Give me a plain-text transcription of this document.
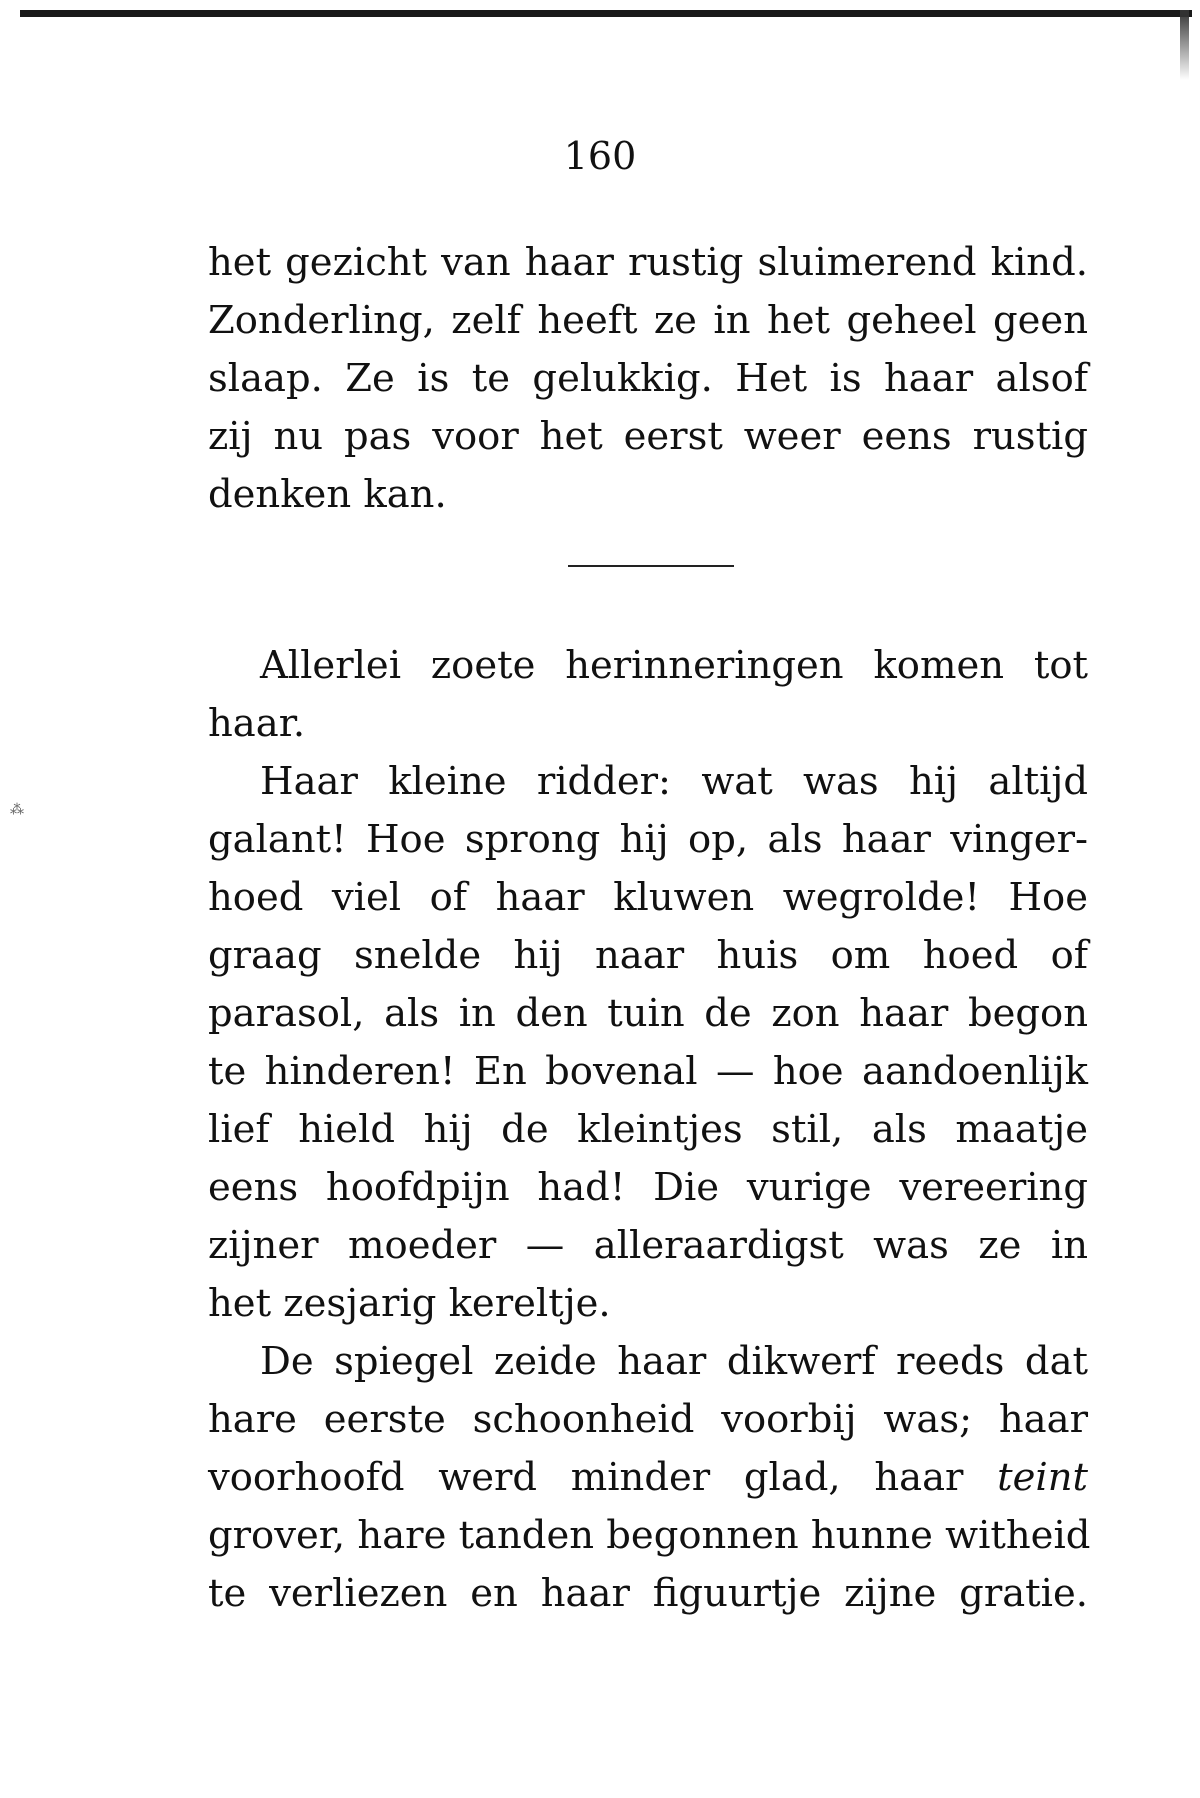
160
het gezicht van haar rustig sluimerend kind.
Zonderling, zelf heeft ze in het geheel geen
slaap. Ze is te gelukkig. Het is haar alsof
zij nu pas voor het eerst weer eens rustig
denken kan.
Allerlei zoete herinneringen komen tot
haar.
Haar kleine ridder: wat was hij altijd
galant! Hoe sprong hij op, als haar vinger-
hoed viel of haar kluwen wegrolde! Hoe
graag snelde hij naar huis om hoed of
parasol, als in den tuin de zon haar begon
te hinderen! En bovenal — hoe aandoenlijk
lief hield hij de kleintjes stil, als maatje
eens hoofdpijn had! Die vurige vereering
zijner moeder — alleraardigst was ze in
het zesjarig kereltje.
De spiegel zeide haar dikwerf reeds dat
hare eerste schoonheid voorbij was; haar
voorhoofd werd minder glad, haar teint
grover, hare tanden begonnen hunne witheid
te verliezen en haar figuurtje zijne gratie.
⁂
